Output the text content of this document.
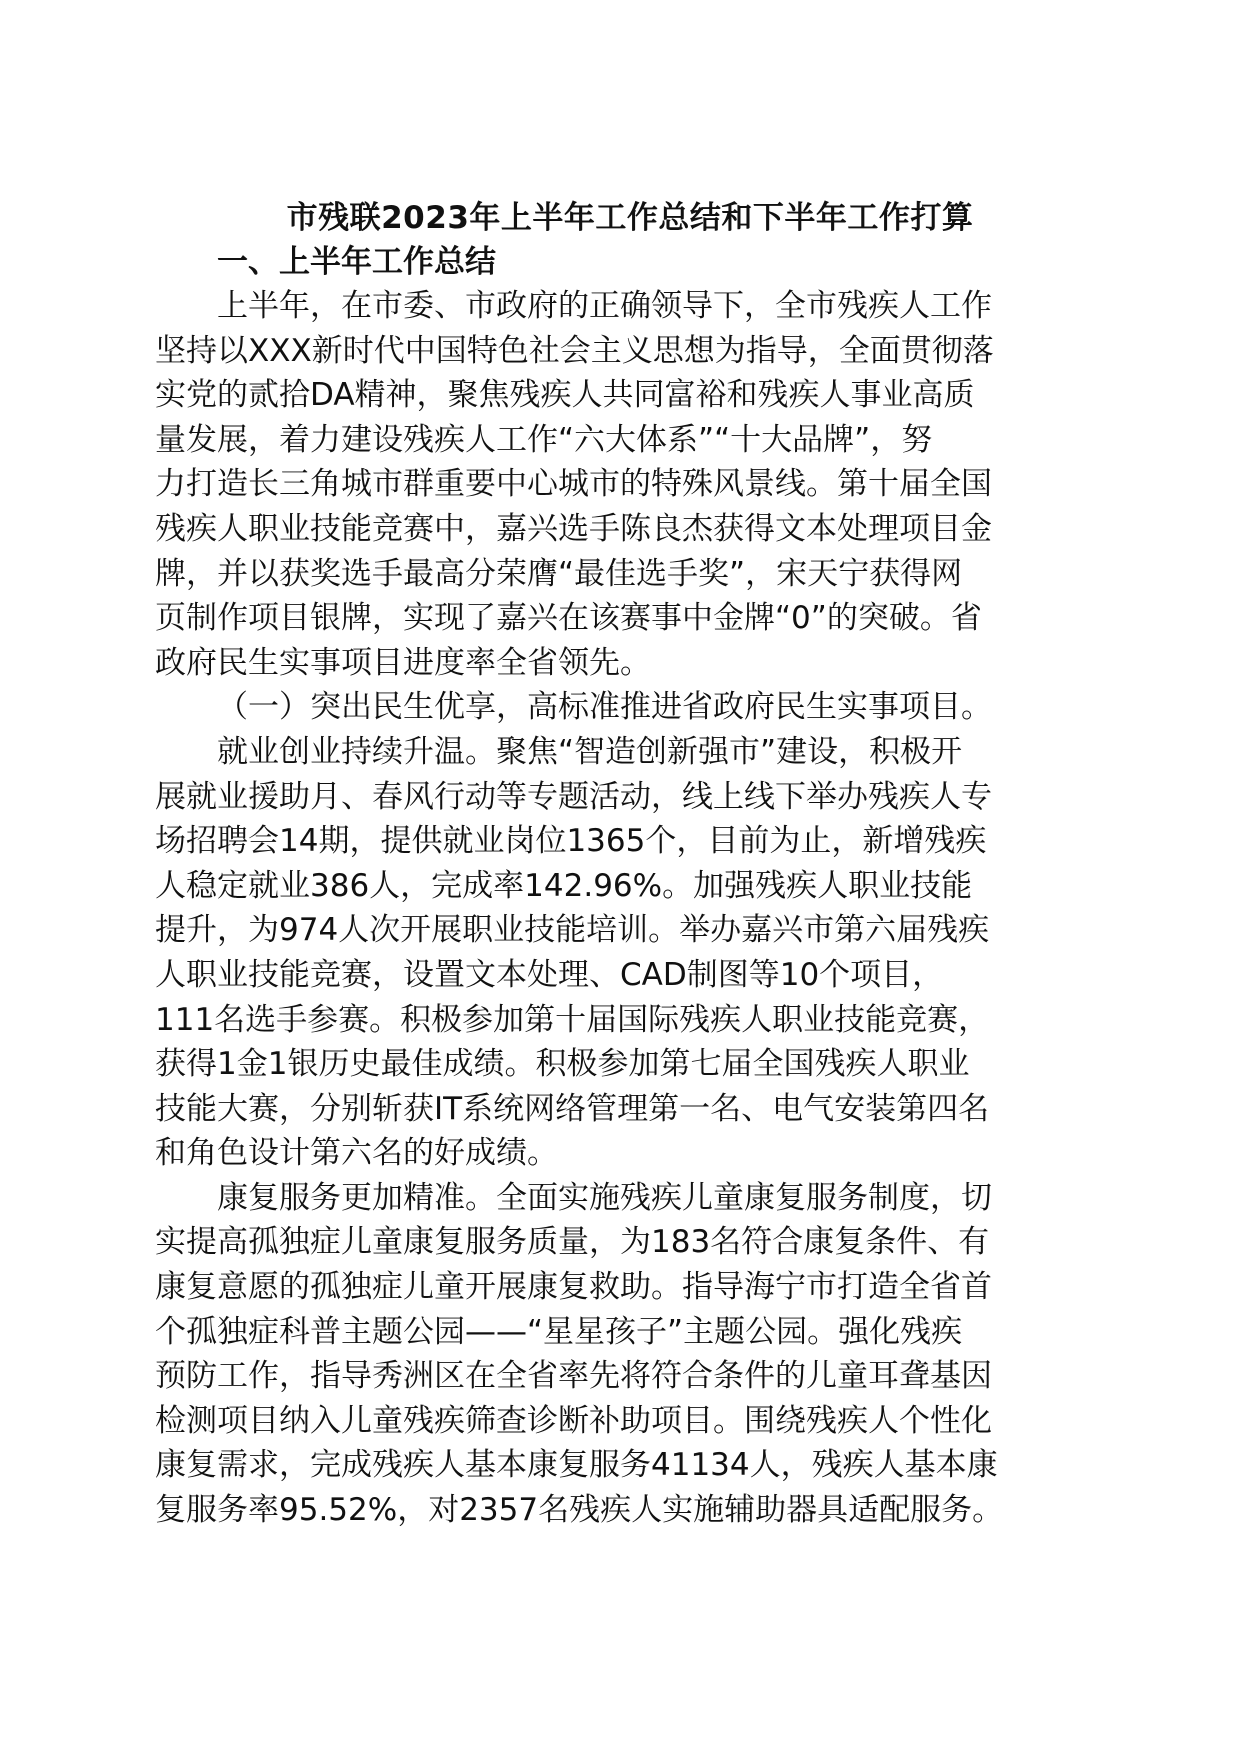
市残联2023年上半年工作总结和下半年工作打算
一、上半年工作总结
上半年，在市委、市政府的正确领导下，全市残疾人工作
坚持以XXX新时代中国特色社会主义思想为指导，全面贯彻落
实党的贰拾DA精神，聚焦残疾人共同富裕和残疾人事业高质
量发展，着力建设残疾人工作“六大体系”“十大品牌”，努
力打造长三角城市群重要中心城市的特殊风景线。第十届全国
残疾人职业技能竞赛中，嘉兴选手陈良杰获得文本处理项目金
牌，并以获奖选手最高分荣膺“最佳选手奖”，宋天宁获得网
页制作项目银牌，实现了嘉兴在该赛事中金牌“0”的突破。省
政府民生实事项目进度率全省领先。
（一）突出民生优享，高标准推进省政府民生实事项目。
就业创业持续升温。聚焦“智造创新强市”建设，积极开
展就业援助月、春风行动等专题活动，线上线下举办残疾人专
场招聘会14期，提供就业岗位1365个，目前为止，新增残疾
人稳定就业386人，完成率142.96%。加强残疾人职业技能
提升，为974人次开展职业技能培训。举办嘉兴市第六届残疾
人职业技能竞赛，设置文本处理、CAD制图等10个项目，
111名选手参赛。积极参加第十届国际残疾人职业技能竞赛，
获得1金1银历史最佳成绩。积极参加第七届全国残疾人职业
技能大赛，分别斩获IT系统网络管理第一名、电气安装第四名
和角色设计第六名的好成绩。
康复服务更加精准。全面实施残疾儿童康复服务制度，切
实提高孤独症儿童康复服务质量，为183名符合康复条件、有
康复意愿的孤独症儿童开展康复救助。指导海宁市打造全省首
个孤独症科普主题公园——“星星孩子”主题公园。强化残疾
预防工作，指导秀洲区在全省率先将符合条件的儿童耳聋基因
检测项目纳入儿童残疾筛查诊断补助项目。围绕残疾人个性化
康复需求，完成残疾人基本康复服务41134人，残疾人基本康
复服务率95.52%，对2357名残疾人实施辅助器具适配服务。
